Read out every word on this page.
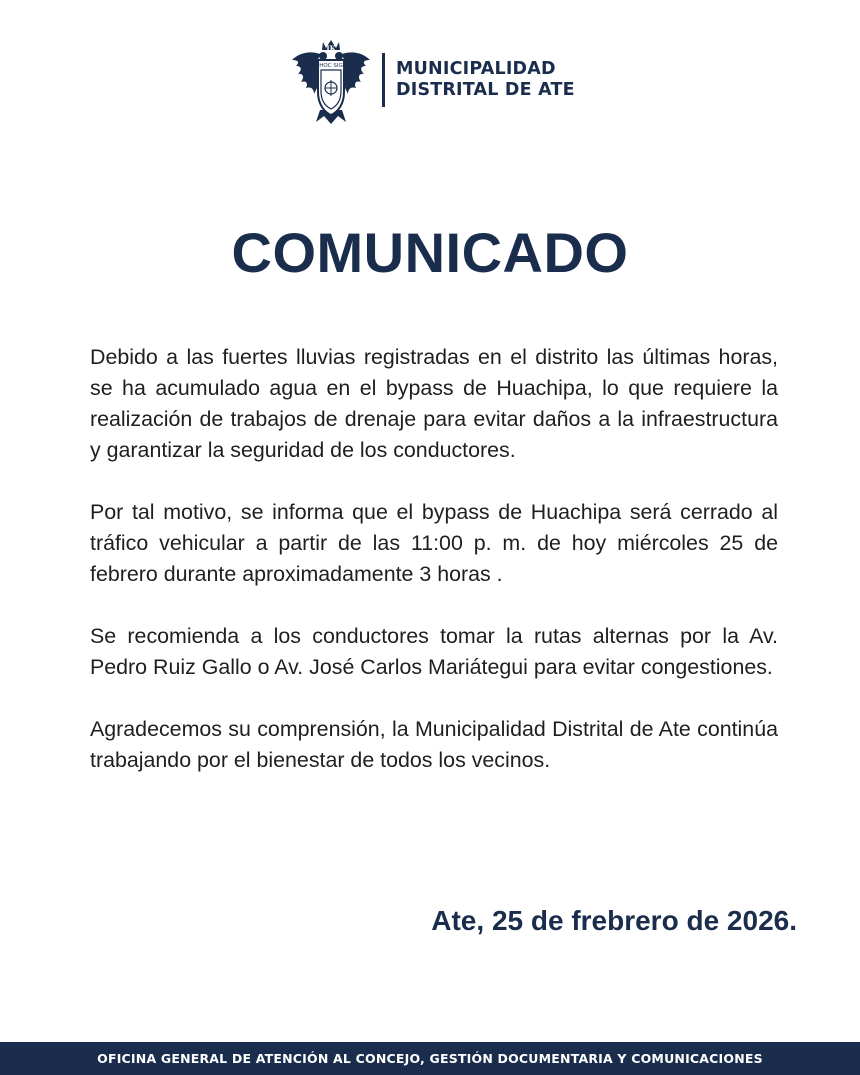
IK
HOC SIG	MUNICIPALIDAD
DISTRITAL DE ATE
COMUNICADO

Debido a las fuertes lluvias registradas en el distrito las últimas horas, se ha acumulado agua en el bypass de Huachipa, lo que requiere la realización de trabajos de drenaje para evitar daños a la infraestructura y garantizar la seguridad de los conductores.

Por tal motivo, se informa que el bypass de Huachipa será cerrado al tráfico vehicular a partir de las 11:00 p. m. de hoy miércoles 25 de febrero durante aproximadamente 3 horas .

Se recomienda a los conductores tomar la rutas alternas por la Av. Pedro Ruiz Gallo o Av. José Carlos Mariátegui para evitar congestiones.

Agradecemos su comprensión, la Municipalidad Distrital de Ate continúa trabajando por el bienestar de todos los vecinos.

Ate, 25 de frebrero de 2026.

OFICINA GENERAL DE ATENCIÓN AL CONCEJO, GESTIÓN DOCUMENTARIA Y COMUNICACIONES
